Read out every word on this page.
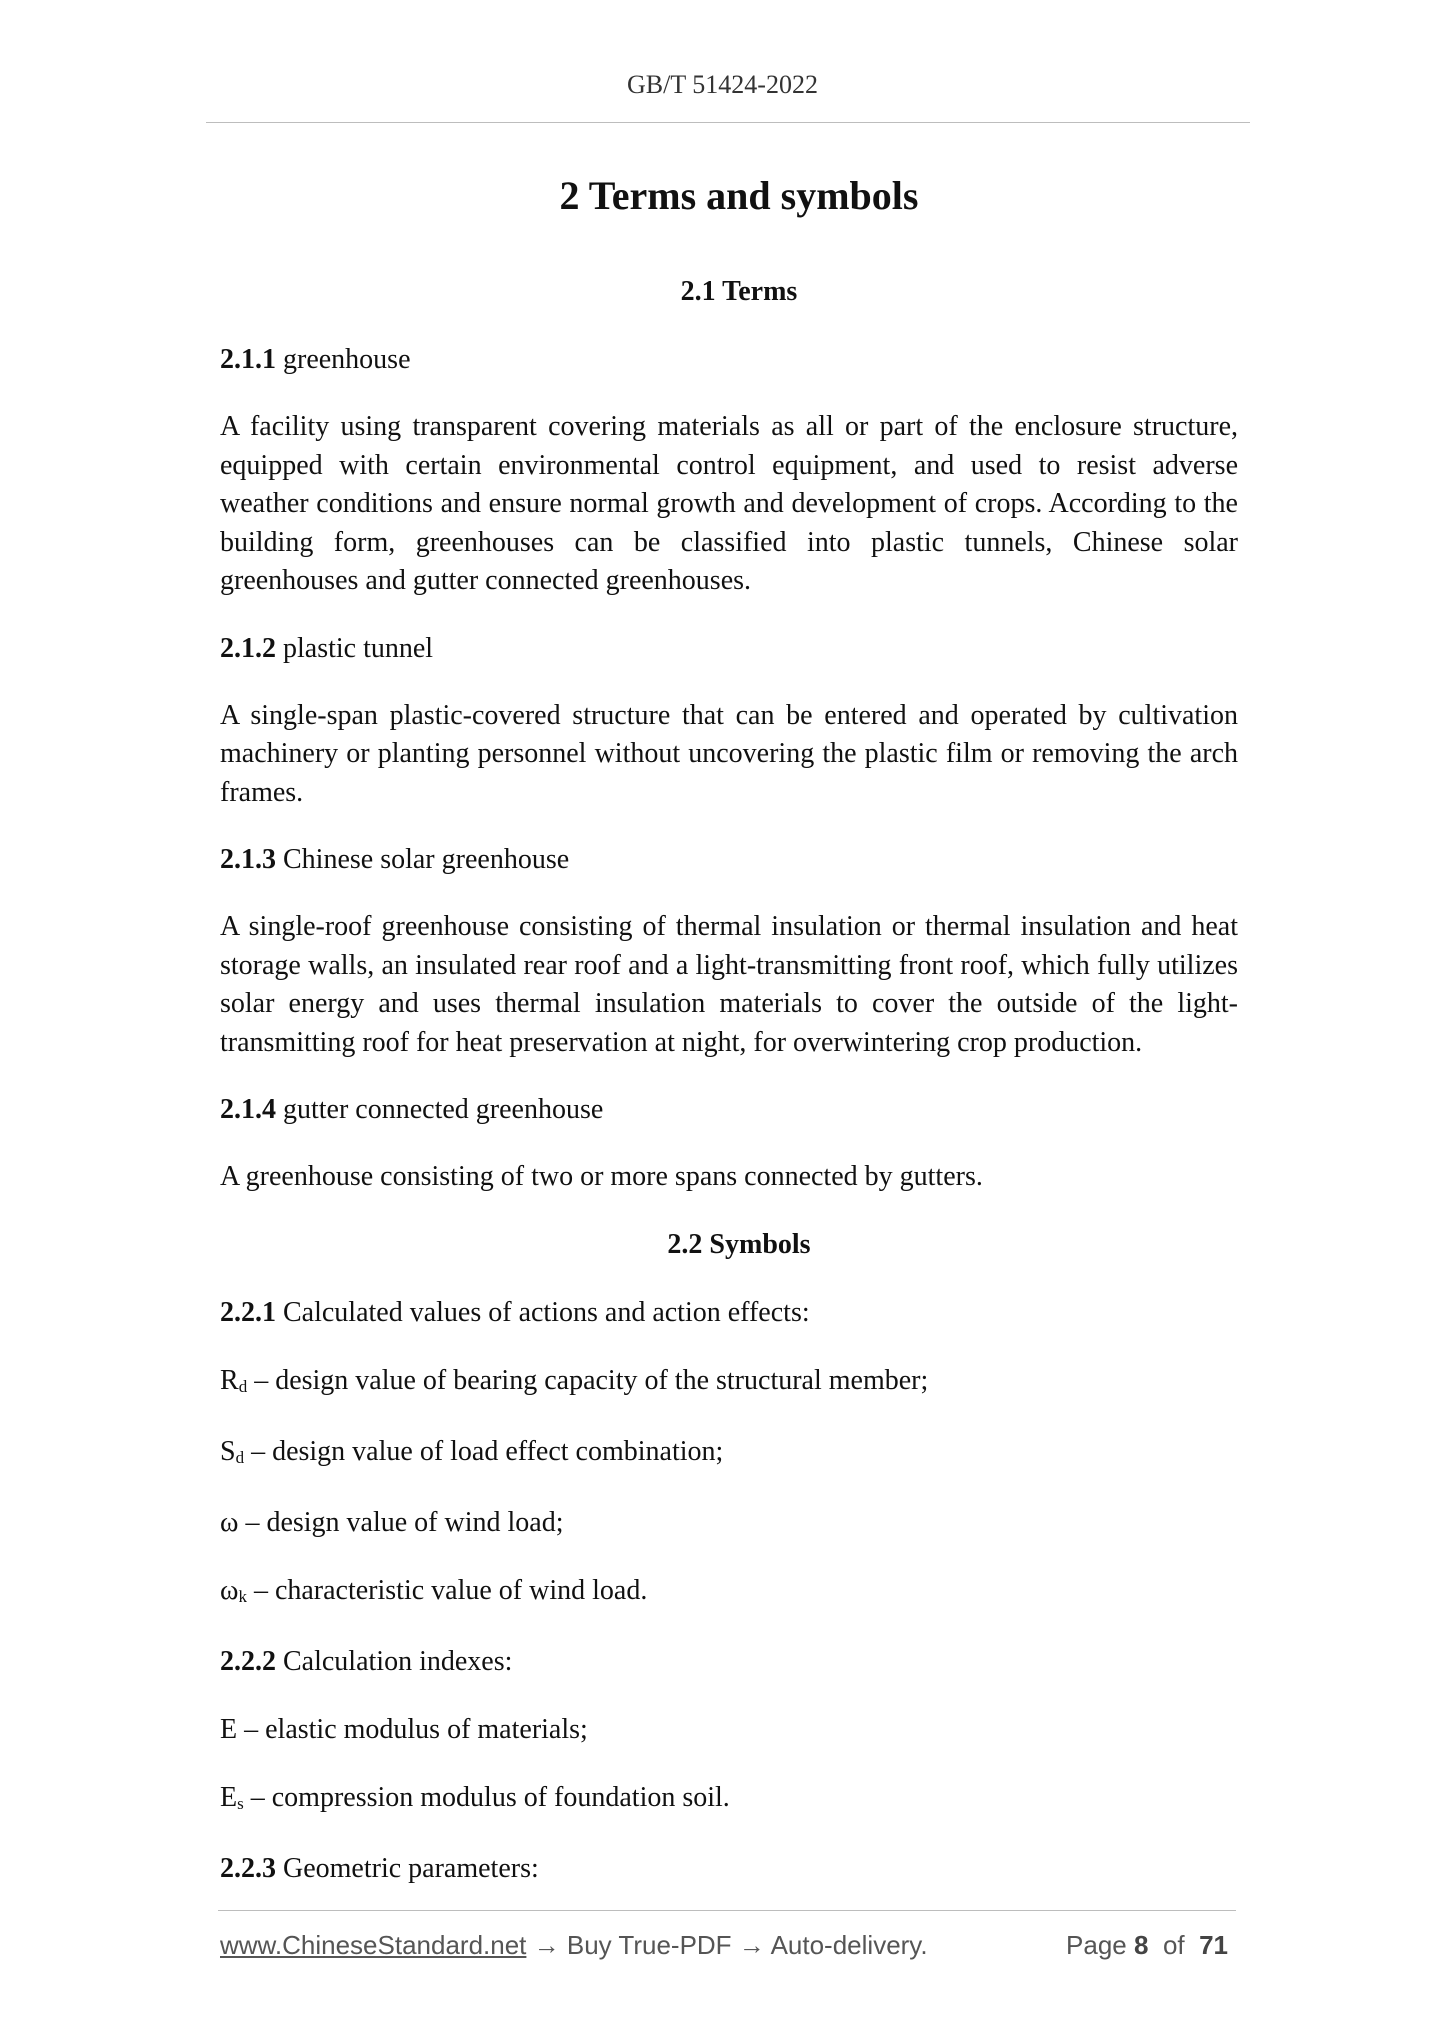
GB/T 51424-2022
2 Terms and symbols
2.1 Terms
2.1.1 greenhouse

A facility using transparent covering materials as all or part of the enclosure structure, equipped with certain environmental control equipment, and used to resist adverse weather conditions and ensure normal growth and development of crops. According to the building form, greenhouses can be classified into plastic tunnels, Chinese solar greenhouses and gutter connected greenhouses.

2.1.2 plastic tunnel

A single-span plastic-covered structure that can be entered and operated by cultivation machinery or planting personnel without uncovering the plastic film or removing the arch frames.

2.1.3 Chinese solar greenhouse

A single-roof greenhouse consisting of thermal insulation or thermal insulation and heat storage walls, an insulated rear roof and a light-transmitting front roof, which fully utilizes solar energy and uses thermal insulation materials to cover the outside of the light-transmitting roof for heat preservation at night, for overwintering crop production.

2.1.4 gutter connected greenhouse

A greenhouse consisting of two or more spans connected by gutters.

2.2 Symbols
2.2.1 Calculated values of actions and action effects:
$R_d$ – design value of bearing capacity of the structural member;
$S_d$ – design value of load effect combination;
ω – design value of wind load;
$\omega_k$ – characteristic value of wind load.
2.2.2 Calculation indexes:
E – elastic modulus of materials;
$E_s$ – compression modulus of foundation soil.
2.2.3 Geometric parameters:
www.ChineseStandard.net → Buy True-PDF → Auto-delivery.	Page 8 of 71
